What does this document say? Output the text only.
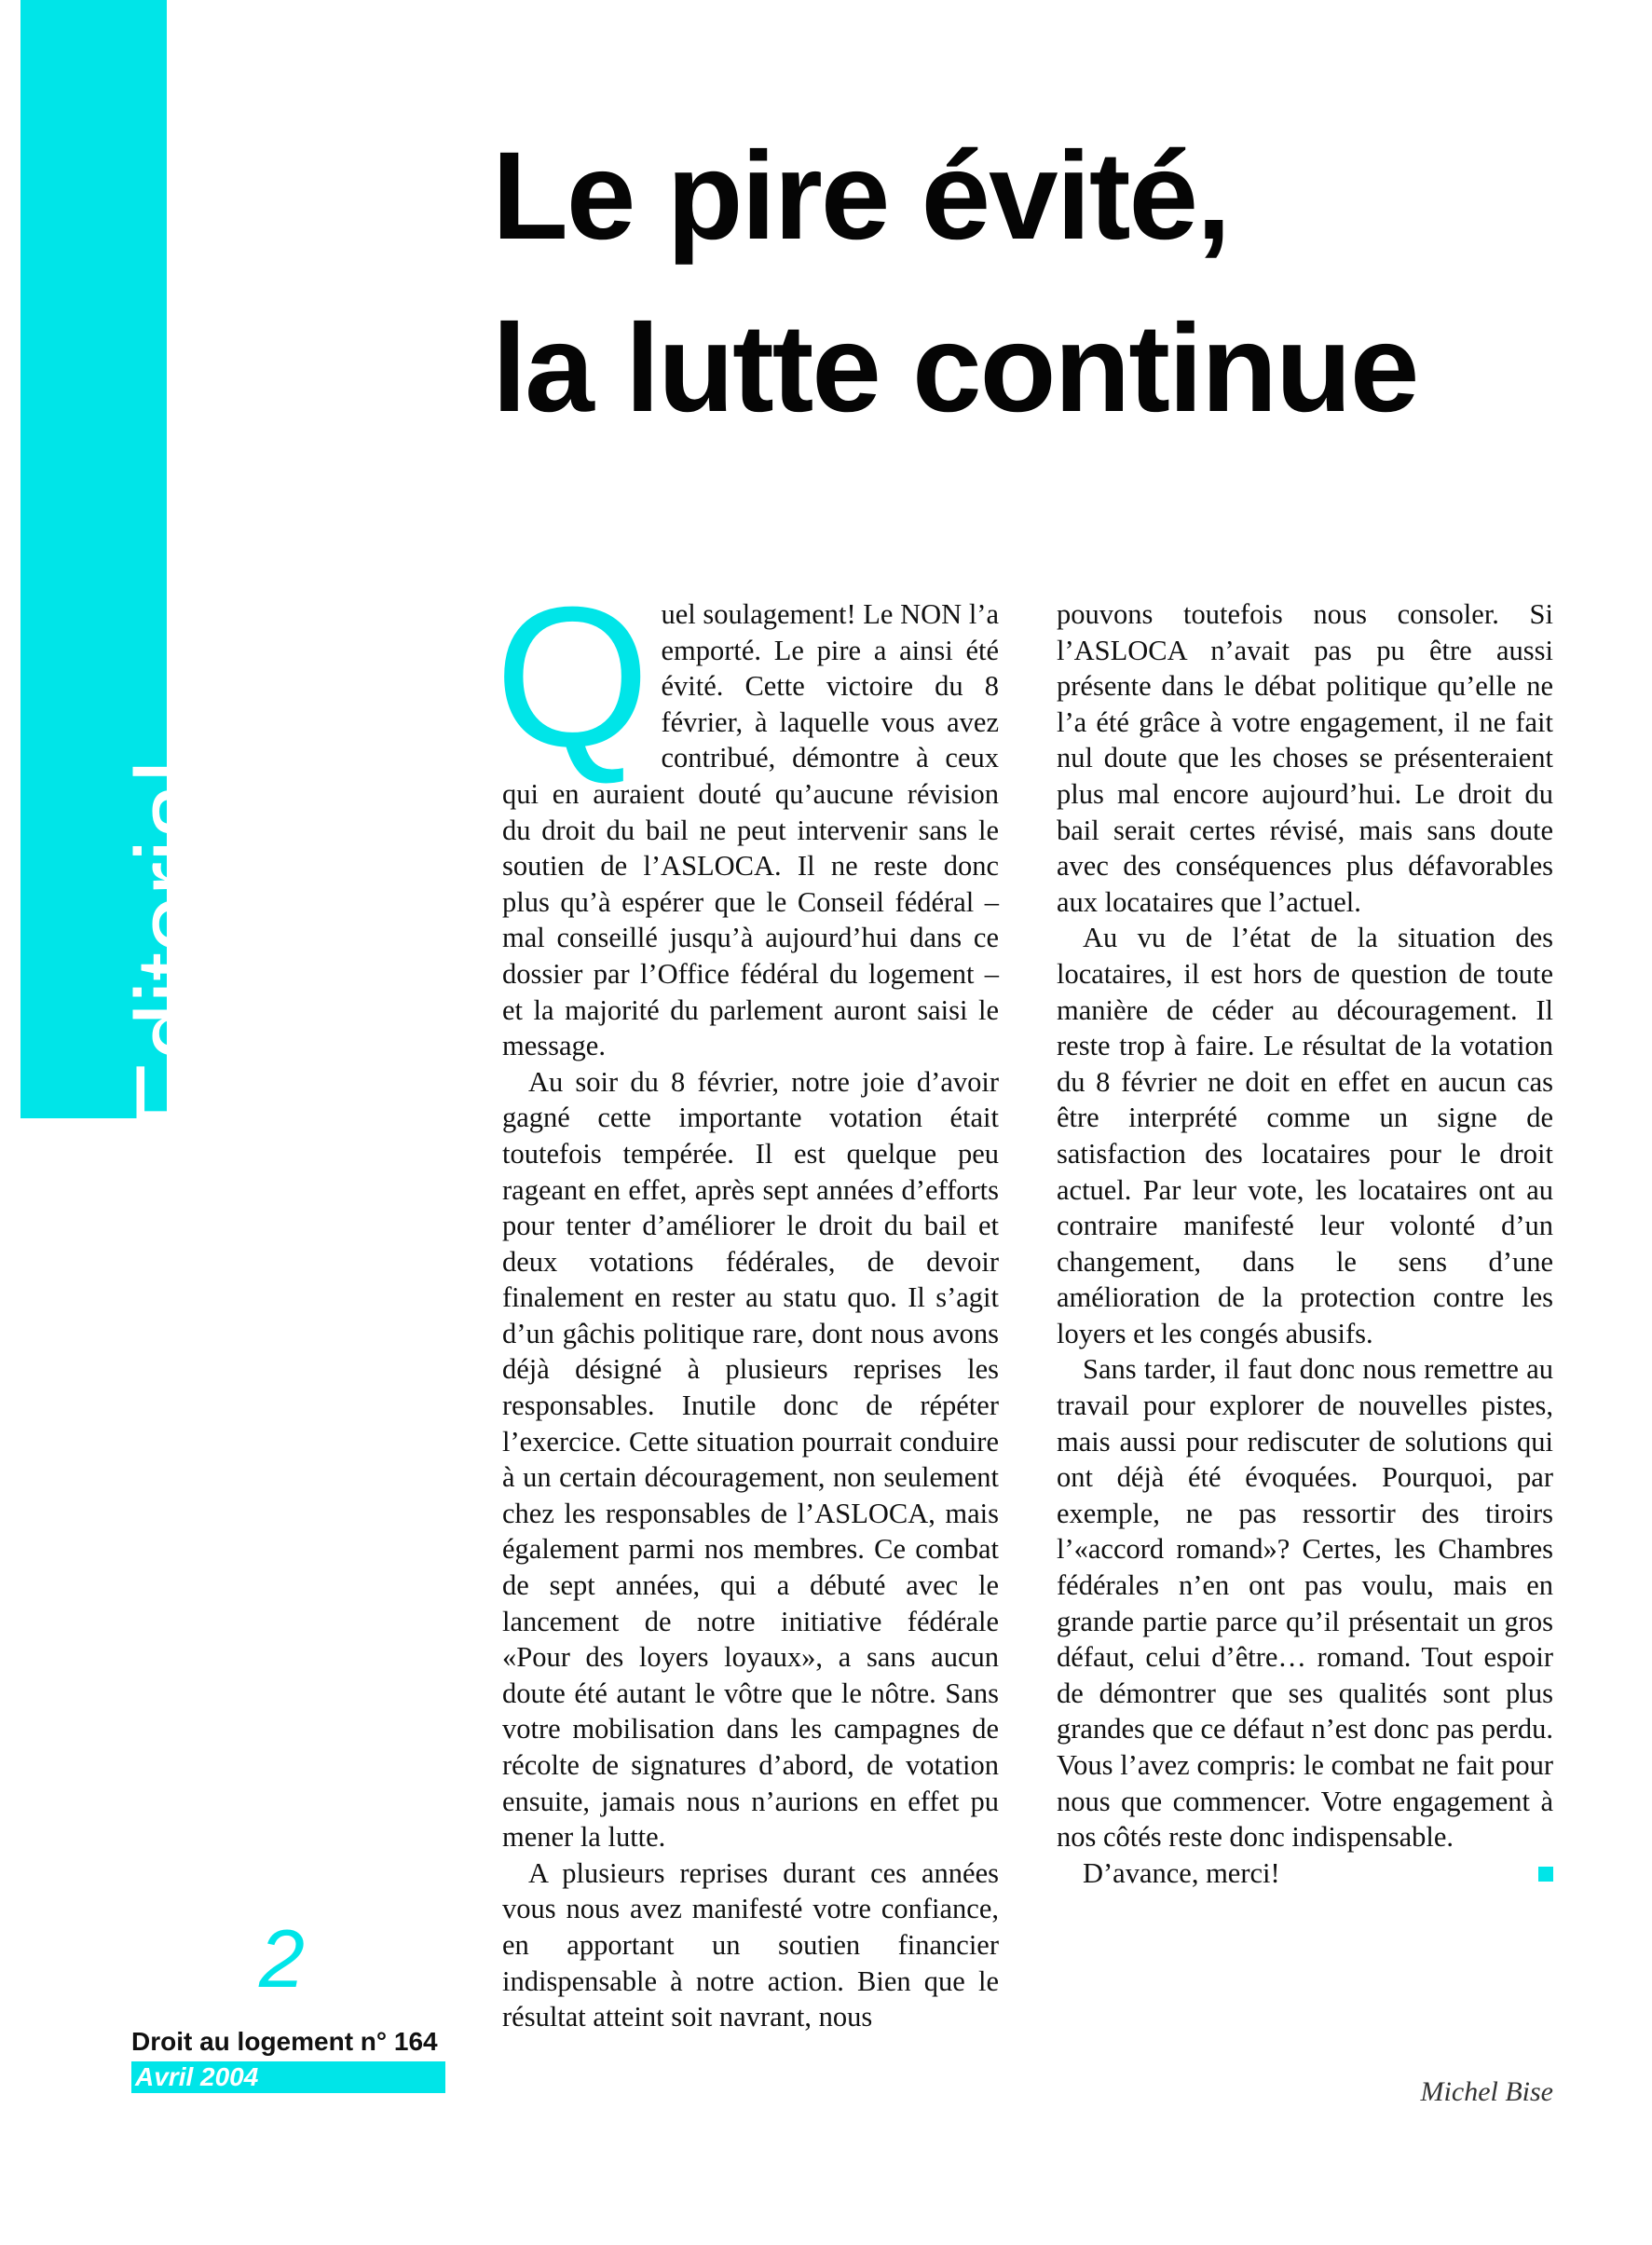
Editorial
Le pire évité,
la lutte continue

Quel soulagement! Le NON l’a emporté. Le pire a ainsi été évité. Cette victoire du 8 février, à laquelle vous avez contribué, démontre à ceux qui en auraient douté qu’aucune révision du droit du bail ne peut intervenir sans le soutien de l’ASLOCA. Il ne reste donc plus qu’à espérer que le Conseil fédéral – mal conseillé jusqu’à aujourd’hui dans ce dossier par l’Office fédéral du logement – et la majorité du parlement auront saisi le message.

Au soir du 8 février, notre joie d’avoir gagné cette importante votation était toutefois tempérée. Il est quelque peu rageant en effet, après sept années d’efforts pour tenter d’améliorer le droit du bail et deux votations fédérales, de devoir finalement en rester au statu quo. Il s’agit d’un gâchis politique rare, dont nous avons déjà désigné à plusieurs reprises les responsables. Inutile donc de répéter l’exercice. Cette situation pourrait conduire à un certain découragement, non seulement chez les responsables de l’ASLOCA, mais également parmi nos membres. Ce combat de sept années, qui a débuté avec le lancement de notre initiative fédérale «Pour des loyers loyaux», a sans aucun doute été autant le vôtre que le nôtre. Sans votre mobilisation dans les campagnes de récolte de signatures d’abord, de votation ensuite, jamais nous n’aurions en effet pu mener la lutte.

A plusieurs reprises durant ces années vous nous avez manifesté votre confiance, en apportant un soutien financier indispensable à notre action. Bien que le résultat atteint soit navrant, nous

pouvons toutefois nous consoler. Si l’ASLOCA n’avait pas pu être aussi présente dans le débat politique qu’elle ne l’a été grâce à votre engagement, il ne fait nul doute que les choses se présenteraient plus mal encore aujourd’hui. Le droit du bail serait certes révisé, mais sans doute avec des conséquences plus défavorables aux locataires que l’actuel.

Au vu de l’état de la situation des locataires, il est hors de question de toute manière de céder au découragement. Il reste trop à faire. Le résultat de la votation du 8 février ne doit en effet en aucun cas être interprété comme un signe de satisfaction des locataires pour le droit actuel. Par leur vote, les locataires ont au contraire manifesté leur volonté d’un changement, dans le sens d’une amélioration de la protection contre les loyers et les congés abusifs.

Sans tarder, il faut donc nous remettre au travail pour explorer de nouvelles pistes, mais aussi pour rediscuter de solutions qui ont déjà été évoquées. Pourquoi, par exemple, ne pas ressortir des tiroirs l’«accord romand»? Certes, les Chambres fédérales n’en ont pas voulu, mais en grande partie parce qu’il présentait un gros défaut, celui d’être… romand. Tout espoir de démontrer que ses qualités sont plus grandes que ce défaut n’est donc pas perdu. Vous l’avez compris: le combat ne fait pour nous que commencer. Votre engagement à nos côtés reste donc indispensable.

D’avance, merci!

Michel Bise
2
Droit au logement n° 164
Avril 2004
